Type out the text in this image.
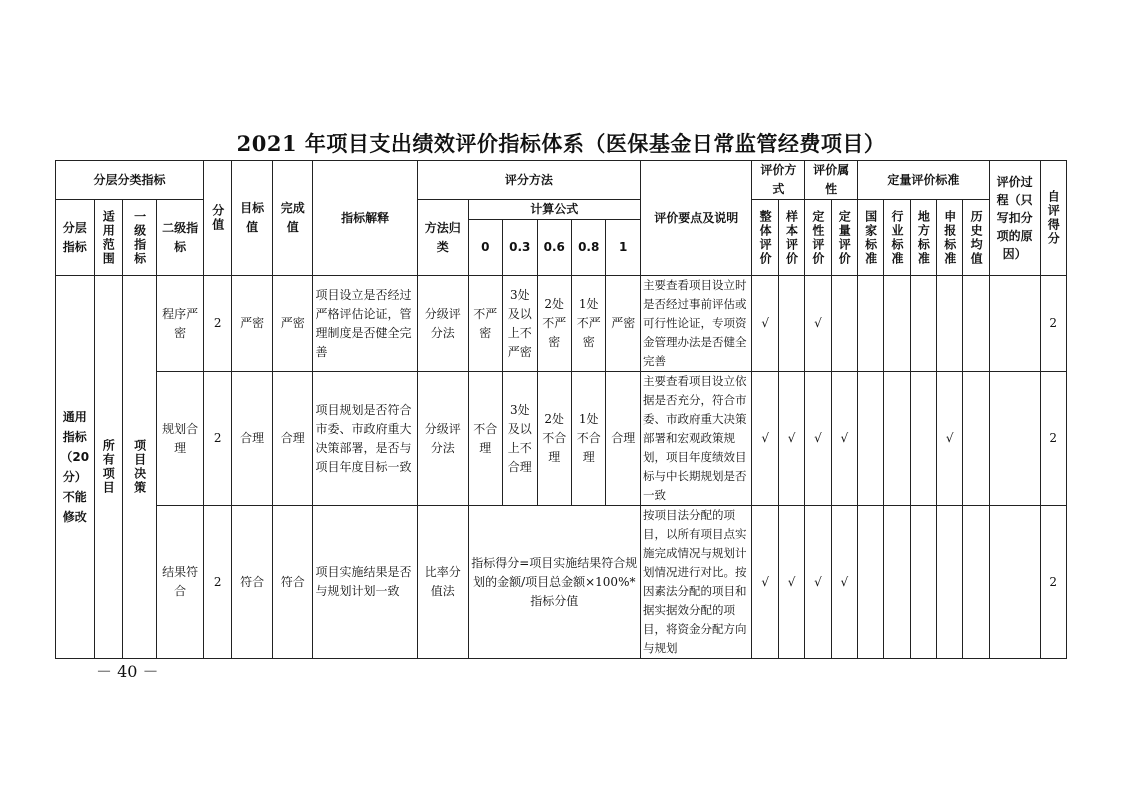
2021 年项目支出绩效评价指标体系（医保基金日常监管经费项目）
分层分类指标				分值	目标值	完成值	指标解释	评分方法						评价要点及说明	评价方式		评价属性		定量评价标准					评价过程（只写扣分项的原因）	自评得分

分层指标	适用范围	一级指标	二级指标					方法归类	计算公式						整体评价	样本评价	定性评价	定量评价	国家标准	行业标准	地方标准	申报标准	历史均值		

									0	0.3	0.6	0.8	1												
通用指标（20分）不能修改	所有项目	项目决策	程序严密	2	严密	严密	项目设立是否经过严格评估论证，管理制度是否健全完善	分级评分法	不严密	3处及以上不严密	2处不严密	1处不严密	严密	主要查看项目设立时是否经过事前评估或可行性论证，专项资金管理办法是否健全完善	√		√								2
			规划合理	2	合理	合理	项目规划是否符合市委、市政府重大决策部署，是否与项目年度目标一致	分级评分法	不合理	3处及以上不合理	2处不合理	1处不合理	合理	主要查看项目设立依据是否充分，符合市委、市政府重大决策部署和宏观政策规划，项目年度绩效目标与中长期规划是否一致	√	√	√	√				√			2
			结果符合	2	符合	符合	项目实施结果是否与规划计划一致	比率分值法	指标得分=项目实施结果符合规划的金额/项目总金额×100%*指标分值					按项目法分配的项目，以所有项目点实施完成情况与规划计划情况进行对比。按因素法分配的项目和据实据效分配的项目，将资金分配方向与规划	√	√	√	√							2
－ 40 －
